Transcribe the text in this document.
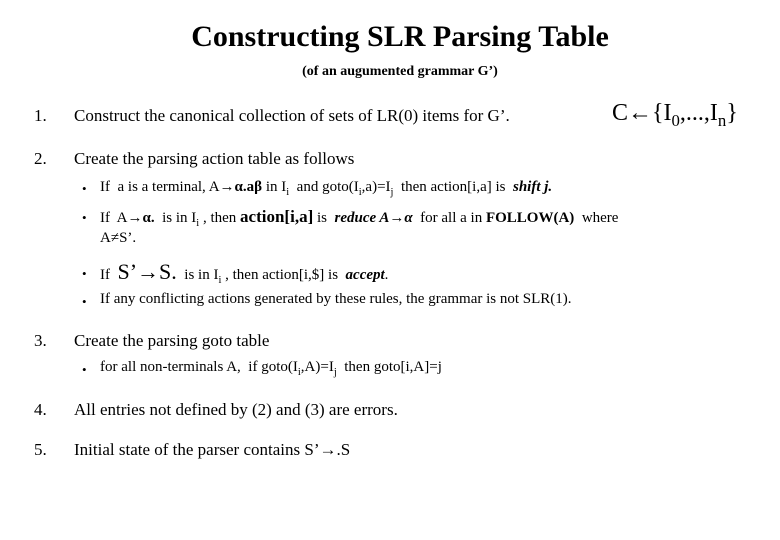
Constructing SLR Parsing Table
(of an augumented grammar G’)
1. Construct the canonical collection of sets of LR(0) items for G’.	$C\leftarrow\{I_0,...,I_n\}$
2. Create the parsing action table as follows
• If  a is a terminal, A→α.aβ in $I_i$  and $goto(I_i,a)=I_j$  then action[i,a] is  shift j.
• If  A→α.  is in $I_i$ , then action[i,a] is  reduce A→α  for all a in FOLLOW(A)  where
A≠S’.
• If  S’→S.  is in $I_i$ , then action[i,$] is  accept.
• If any conflicting actions generated by these rules, the grammar is not SLR(1).
3. Create the parsing goto table
• for all non-terminals A,  if $goto(I_i,A)=I_j$  then goto[i,A]=j
4. All entries not defined by (2) and (3) are errors.
5. Initial state of the parser contains S’→.S
